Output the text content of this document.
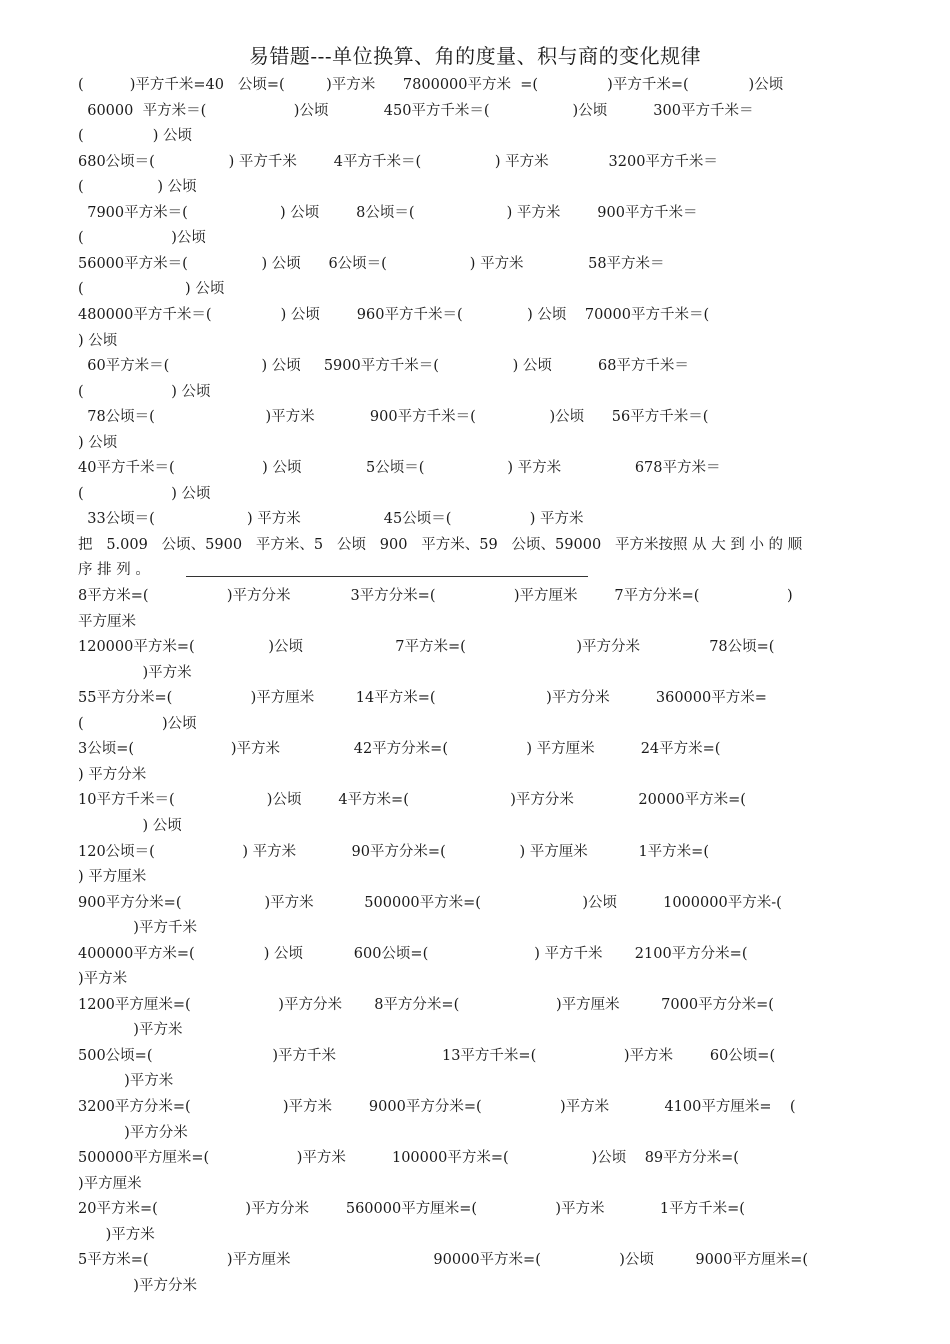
易错题---单位换算、角的度量、积与商的变化规律
(          )平方千米=40   公顷=(         )平方米      7800000平方米  =(               )平方千米=(             )公顷
60000  平方米＝(                   )公顷            450平方千米＝(                  )公顷          300平方千米＝
(               ) 公顷
680公顷＝(                ) 平方千米        4平方千米＝(                ) 平方米             3200平方千米＝
(                ) 公顷
7900平方米＝(                    ) 公顷        8公顷＝(                    ) 平方米        900平方千米＝
(                   )公顷
56000平方米＝(                ) 公顷      6公顷＝(                  ) 平方米              58平方米＝
(                      ) 公顷
480000平方千米＝(               ) 公顷        960平方千米＝(              ) 公顷    70000平方千米＝(
) 公顷
60平方米＝(                    ) 公顷     5900平方千米＝(                ) 公顷          68平方千米＝
(                   ) 公顷
78公顷＝(                        )平方米            900平方千米＝(                )公顷      56平方千米＝(
) 公顷
40平方千米＝(                   ) 公顷              5公顷＝(                  ) 平方米                678平方米＝
(                   ) 公顷
33公顷＝(                    ) 平方米                  45公顷＝(                 ) 平方米
把   5.009   公顷、5900   平方米、5   公顷   900   平方米、59   公顷、59000   平方米按照 从 大 到 小 的 顺
序 排 列 。
8平方米=(                 )平方分米             3平方分米=(                 )平方厘米        7平方分米=(                   )
平方厘米
120000平方米=(                )公顷                    7平方米=(                        )平方分米               78公顷=(
)平方米
55平方分米=(                 )平方厘米         14平方米=(                        )平方分米          360000平方米=
(                 )公顷
3公顷=(                     )平方米                42平方分米=(                 ) 平方厘米          24平方米=(
) 平方分米
10平方千米＝(                    )公顷        4平方米=(                      )平方分米              20000平方米=(
) 公顷
120公顷＝(                   ) 平方米            90平方分米=(                ) 平方厘米           1平方米=(
) 平方厘米
900平方分米=(                  )平方米           500000平方米=(                      )公顷          1000000平方米-(
)平方千米
400000平方米=(               ) 公顷           600公顷=(                       ) 平方千米       2100平方分米=(
)平方米
1200平方厘米=(                   )平方分米       8平方分米=(                     )平方厘米         7000平方分米=(
)平方米
500公顷=(                          )平方千米                       13平方千米=(                   )平方米        60公顷=(
)平方米
3200平方分米=(                    )平方米        9000平方分米=(                 )平方米            4100平方厘米=    (
)平方分米
500000平方厘米=(                   )平方米          100000平方米=(                  )公顷    89平方分米=(
)平方厘米
20平方米=(                   )平方分米        560000平方厘米=(                 )平方米            1平方千米=(
)平方米
5平方米=(                 )平方厘米                               90000平方米=(                 )公顷         9000平方厘米=(
)平方分米
